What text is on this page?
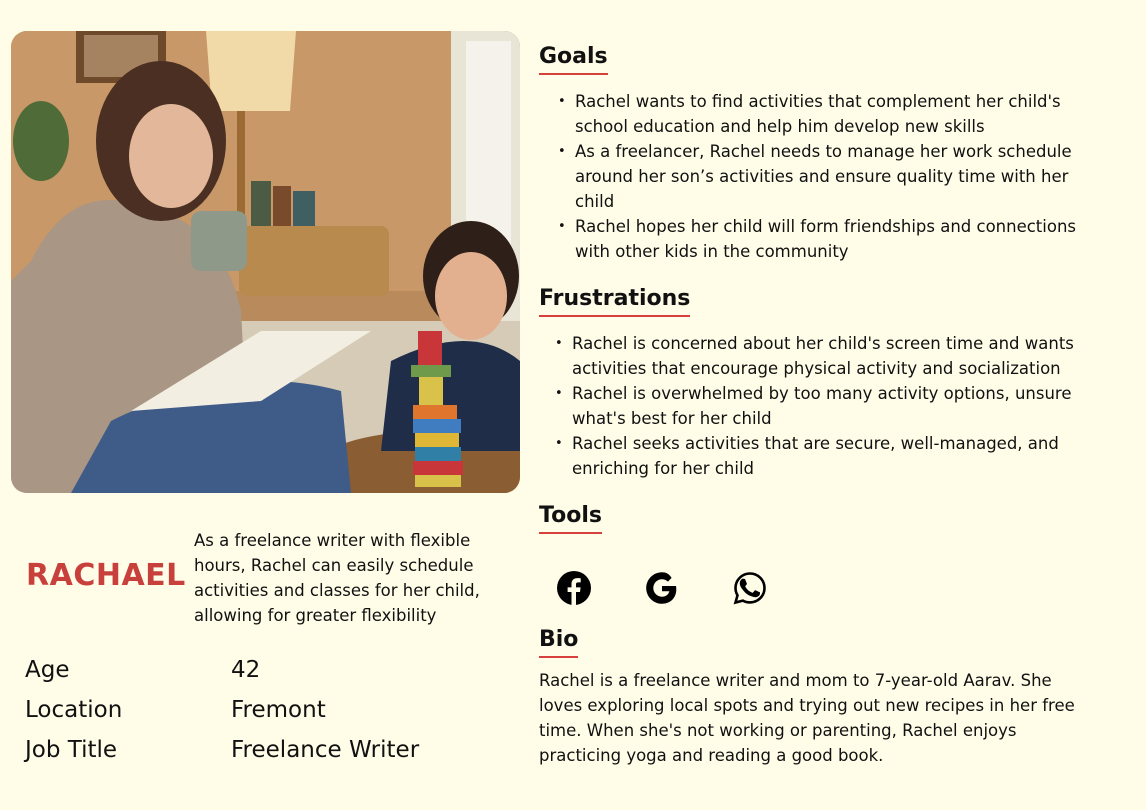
RACHAEL
As a freelance writer with flexible hours, Rachel can easily schedule activities and classes for her child, allowing for greater flexibility
Age	42
Location	Fremont
Job Title	Freelance Writer
Goals
• Rachel wants to find activities that complement her child's school education and help him develop new skills
• As a freelancer, Rachel needs to manage her work schedule around her son’s activities and ensure quality time with her child
• Rachel hopes her child will form friendships and connections with other kids in the community
Frustrations
• Rachel is concerned about her child's screen time and wants activities that encourage physical activity and socialization
• Rachel is overwhelmed by too many activity options, unsure what's best for her child
• Rachel seeks activities that are secure, well-managed, and enriching for her child
Tools
Bio
Rachel is a freelance writer and mom to 7-year-old Aarav. She loves exploring local spots and trying out new recipes in her free time. When she's not working or parenting, Rachel enjoys practicing yoga and reading a good book.
